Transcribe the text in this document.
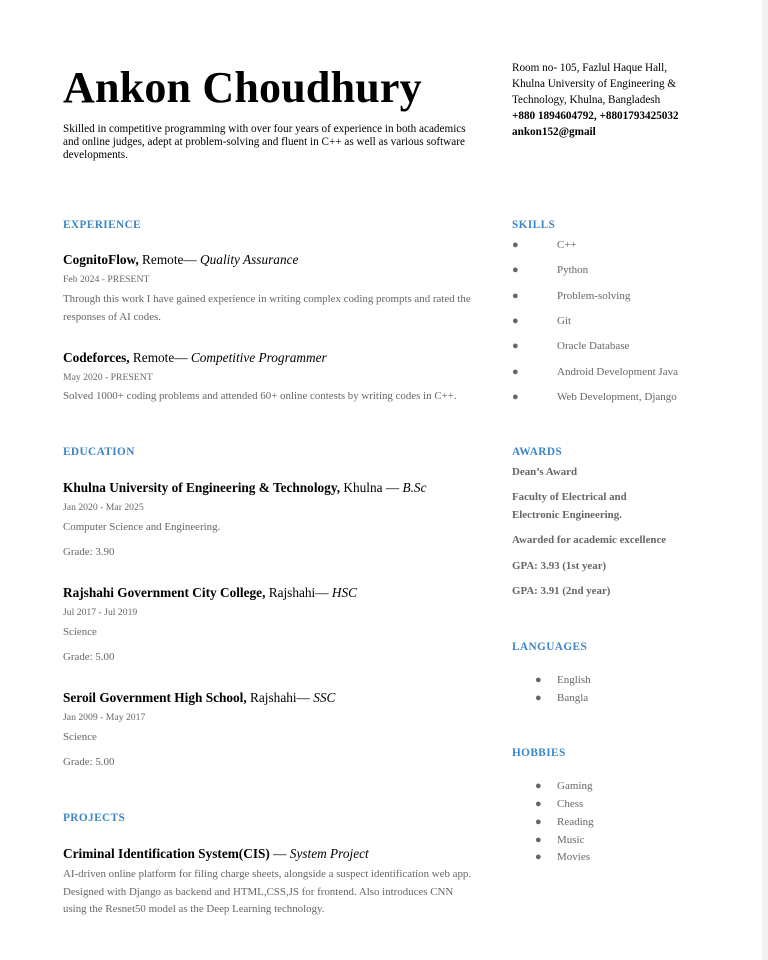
Ankon Choudhury
Skilled in competitive programming with over four years of experience in both academics and online judges, adept at problem-solving and fluent in C++ as well as various software developments.
Room no- 105, Fazlul Haque Hall,
Khulna University of Engineering &
Technology, Khulna, Bangladesh
+880 1894604792, +8801793425032
ankon152@gmail
EXPERIENCE
CognitoFlow, Remote— Quality Assurance
Feb 2024 - PRESENT
Through this work I have gained experience in writing complex coding prompts and rated the responses of AI codes.
Codeforces, Remote— Competitive Programmer
May 2020 - PRESENT
Solved 1000+ coding problems and attended 60+ online contests by writing codes in C++.
EDUCATION
Khulna University of Engineering & Technology, Khulna — B.Sc
Jan 2020 - Mar 2025
Computer Science and Engineering.
Grade: 3.90
Rajshahi Government City College, Rajshahi— HSC
Jul 2017 - Jul 2019
Science
Grade: 5.00
Seroil Government High School, Rajshahi— SSC
Jan 2009 - May 2017
Science
Grade: 5.00
PROJECTS
Criminal Identification System(CIS) — System Project
AI-driven online platform for filing charge sheets, alongside a suspect identification web app. Designed with Django as backend and HTML,CSS,JS for frontend. Also introduces CNN using the Resnet50 model as the Deep Learning technology.
SKILLS
●	C++
●	Python
●	Problem-solving
●	Git
●	Oracle Database
●	Android Development Java
●	Web Development, Django
AWARDS
Dean’s Award
Faculty of Electrical and Electronic Engineering.
Awarded for academic excellence
GPA: 3.93 (1st year)
GPA: 3.91 (2nd year)
LANGUAGES
● English
● Bangla
HOBBIES
● Gaming
● Chess
● Reading
● Music
● Movies
